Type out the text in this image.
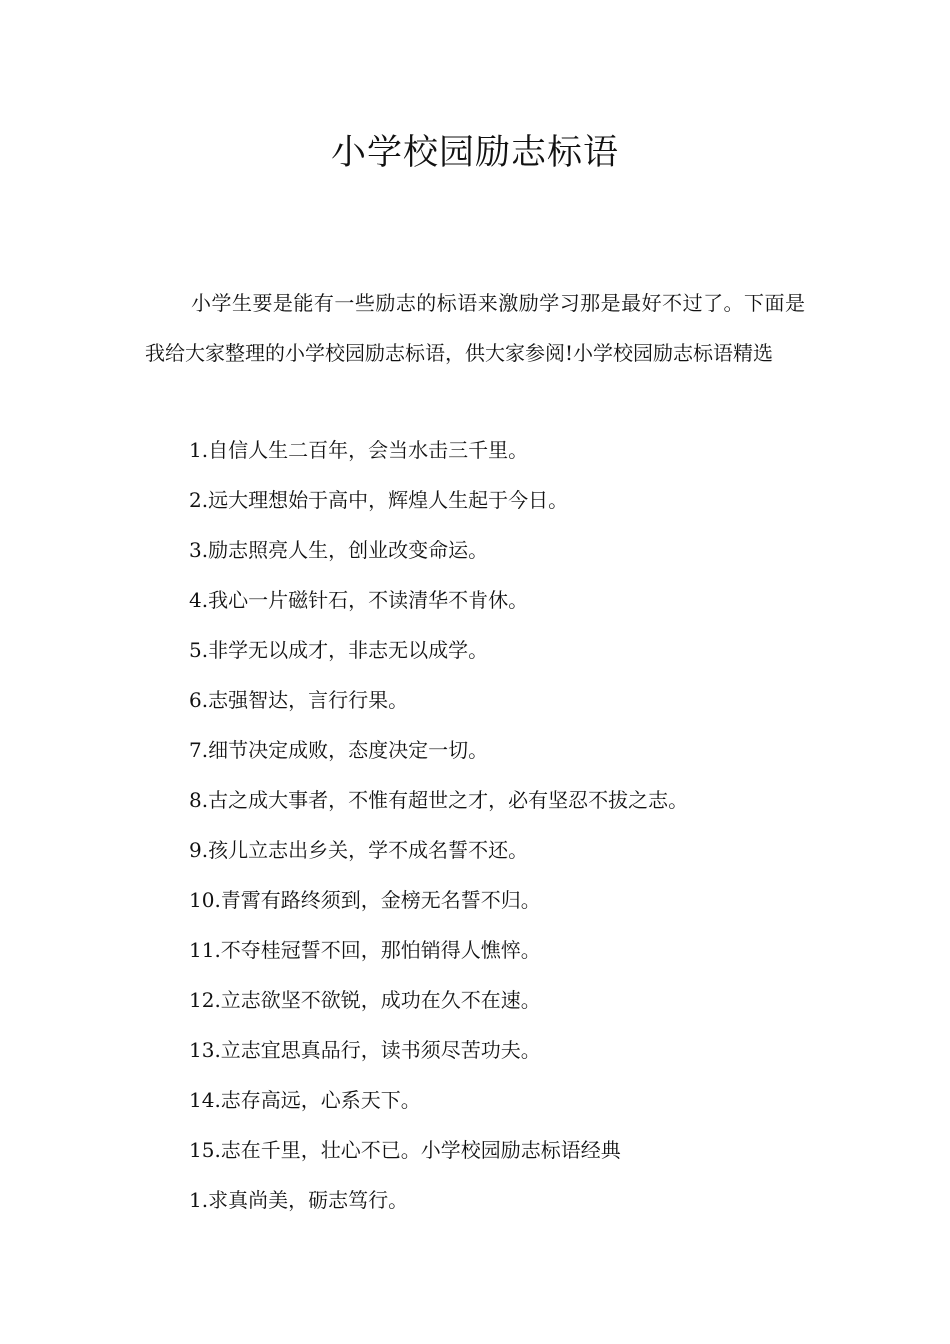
小学校园励志标语

小学生要是能有一些励志的标语来激励学习那是最好不过了。下面是我给大家整理的小学校园励志标语，供大家参阅!小学校园励志标语精选

1.自信人生二百年，会当水击三千里。
2.远大理想始于高中，辉煌人生起于今日。
3.励志照亮人生，创业改变命运。
4.我心一片磁针石，不读清华不肯休。
5.非学无以成才，非志无以成学。
6.志强智达，言行行果。
7.细节决定成败，态度决定一切。
8.古之成大事者，不惟有超世之才，必有坚忍不拔之志。
9.孩儿立志出乡关，学不成名誓不还。
10.青霄有路终须到，金榜无名誓不归。
11.不夺桂冠誓不回，那怕销得人憔悴。
12.立志欲坚不欲锐，成功在久不在速。
13.立志宜思真品行，读书须尽苦功夫。
14.志存高远，心系天下。
15.志在千里，壮心不已。小学校园励志标语经典
1.求真尚美，砺志笃行。
